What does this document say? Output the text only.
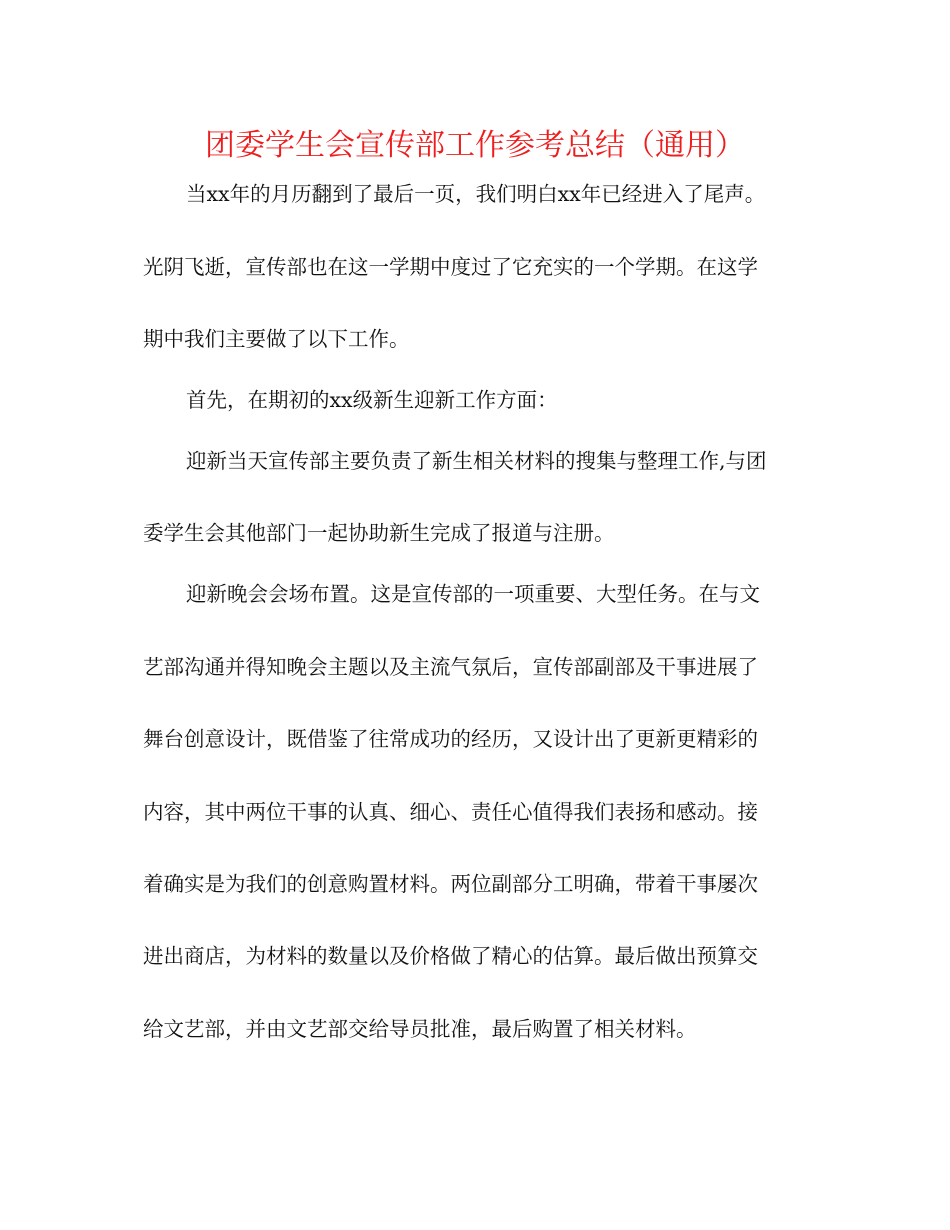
团委学生会宣传部工作参考总结（通用）
当xx年的月历翻到了最后一页，我们明白xx年已经进入了尾声。
光阴飞逝，宣传部也在这一学期中度过了它充实的一个学期。在这学
期中我们主要做了以下工作。
首先，在期初的xx级新生迎新工作方面：
迎新当天宣传部主要负责了新生相关材料的搜集与整理工作,与团
委学生会其他部门一起协助新生完成了报道与注册。
迎新晚会会场布置。这是宣传部的一项重要、大型任务。在与文
艺部沟通并得知晚会主题以及主流气氛后，宣传部副部及干事进展了
舞台创意设计，既借鉴了往常成功的经历，又设计出了更新更精彩的
内容，其中两位干事的认真、细心、责任心值得我们表扬和感动。接
着确实是为我们的创意购置材料。两位副部分工明确，带着干事屡次
进出商店，为材料的数量以及价格做了精心的估算。最后做出预算交
给文艺部，并由文艺部交给导员批准，最后购置了相关材料。
